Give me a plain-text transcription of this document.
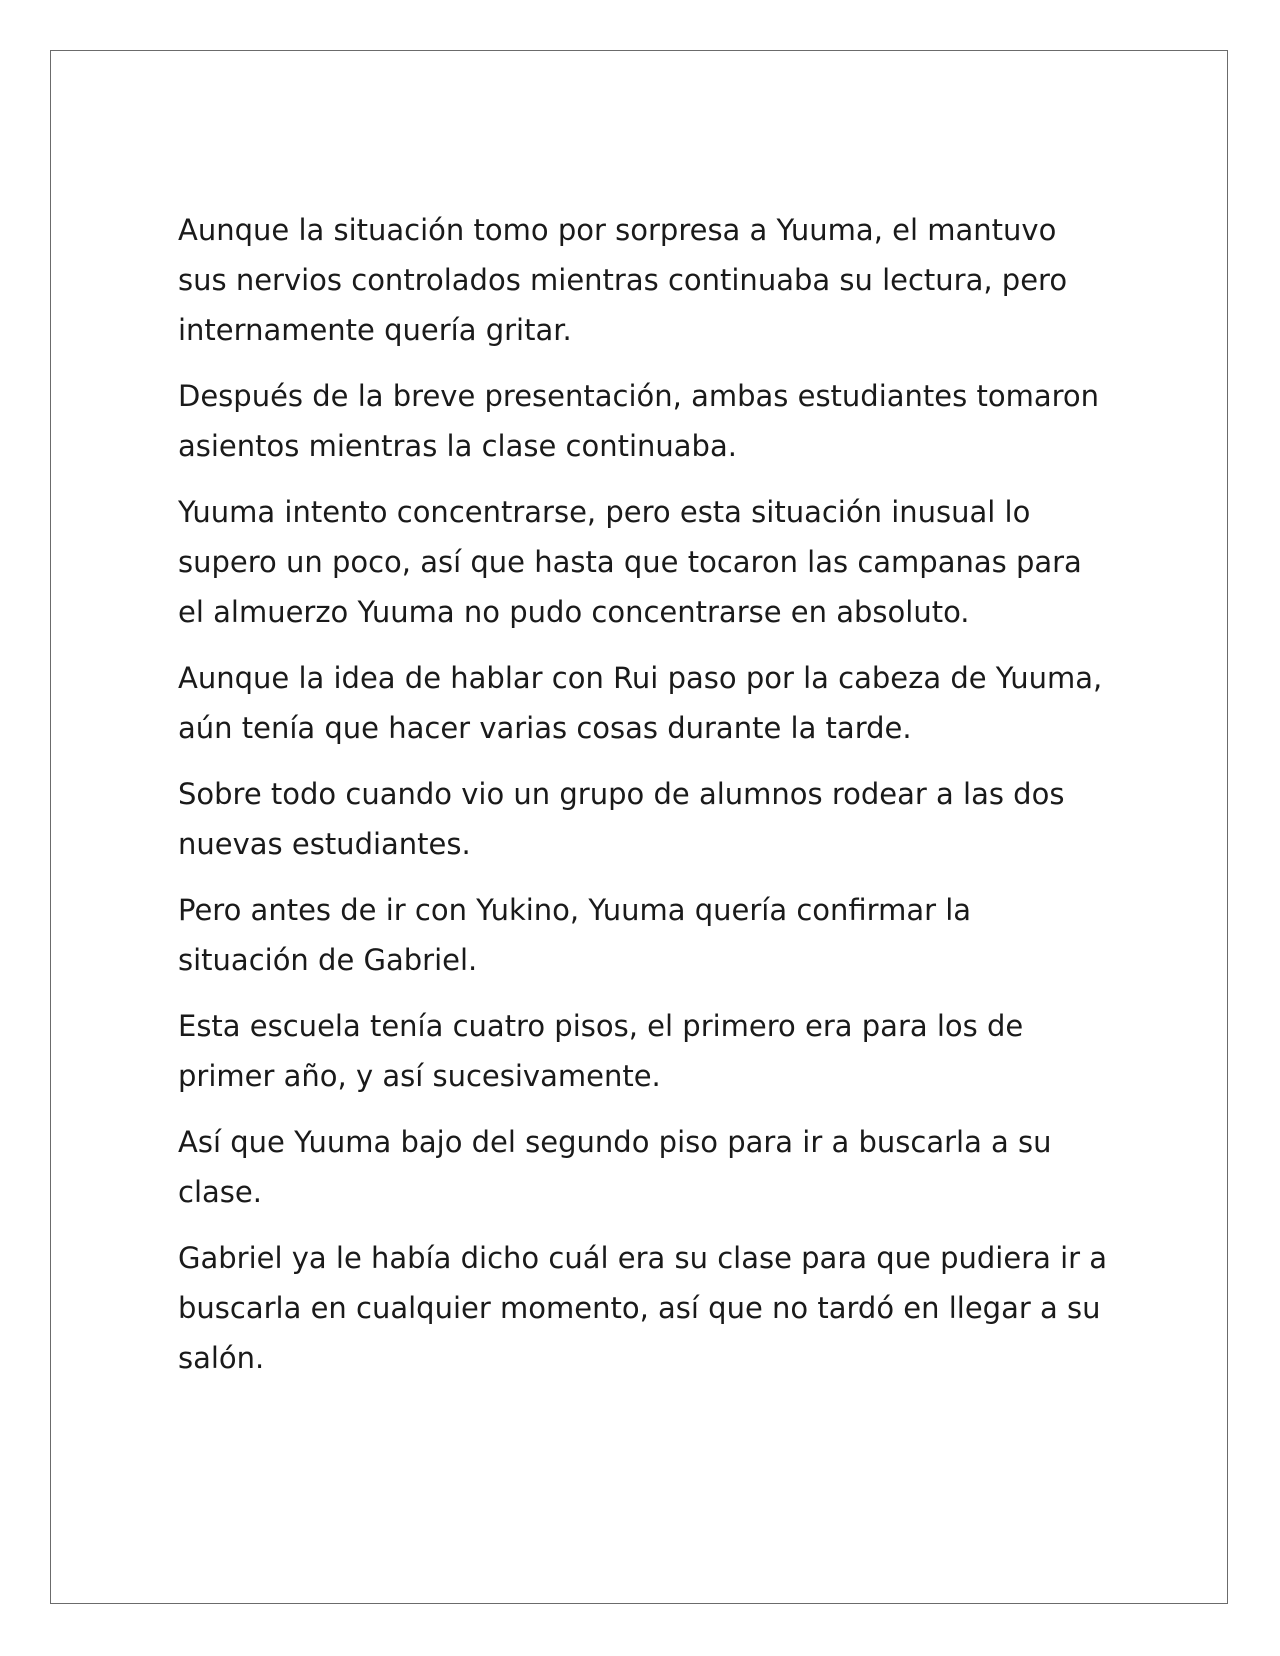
Aunque la situación tomo por sorpresa a Yuuma, el mantuvo sus nervios controlados mientras continuaba su lectura, pero internamente quería gritar.

Después de la breve presentación, ambas estudiantes tomaron asientos mientras la clase continuaba.

Yuuma intento concentrarse, pero esta situación inusual lo supero un poco, así que hasta que tocaron las campanas para el almuerzo Yuuma no pudo concentrarse en absoluto.

Aunque la idea de hablar con Rui paso por la cabeza de Yuuma, aún tenía que hacer varias cosas durante la tarde.

Sobre todo cuando vio un grupo de alumnos rodear a las dos nuevas estudiantes.

Pero antes de ir con Yukino, Yuuma quería confirmar la situación de Gabriel.

Esta escuela tenía cuatro pisos, el primero era para los de primer año, y así sucesivamente.

Así que Yuuma bajo del segundo piso para ir a buscarla a su clase.

Gabriel ya le había dicho cuál era su clase para que pudiera ir a buscarla en cualquier momento, así que no tardó en llegar a su salón.
